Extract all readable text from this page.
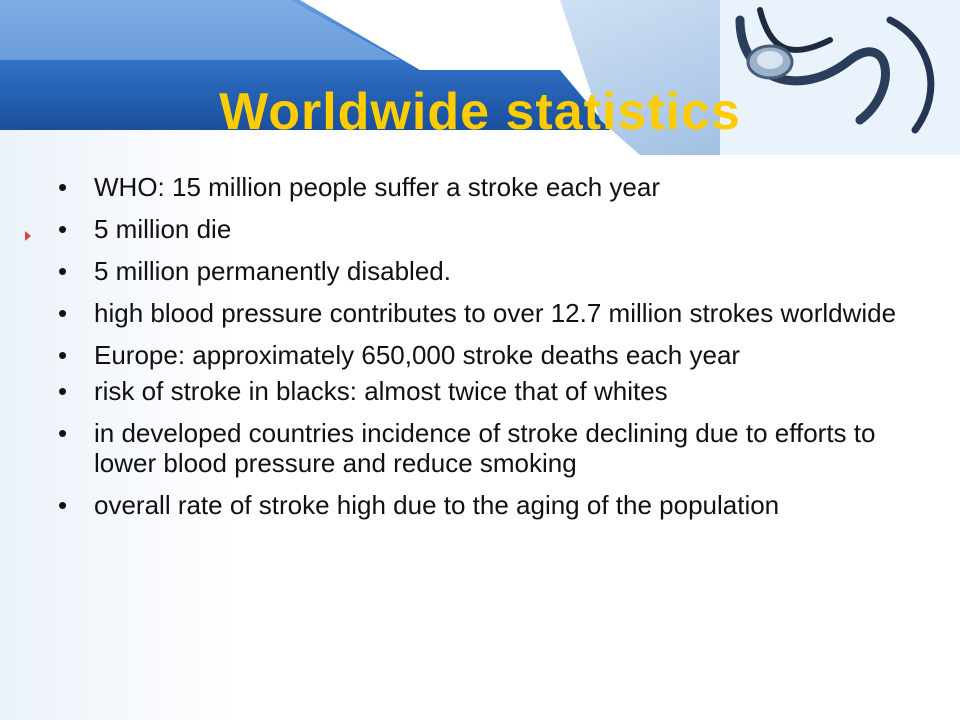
Worldwide statistics
• WHO: 15 million people suffer a stroke each year
• 5 million die
• 5 million permanently disabled.
• high blood pressure contributes to over 12.7 million strokes worldwide
• Europe: approximately 650,000 stroke deaths each year
• risk of stroke in blacks: almost twice that of whites
• in developed countries incidence of stroke declining due to efforts to lower blood pressure and reduce smoking
• overall rate of stroke high due to the aging of the population
